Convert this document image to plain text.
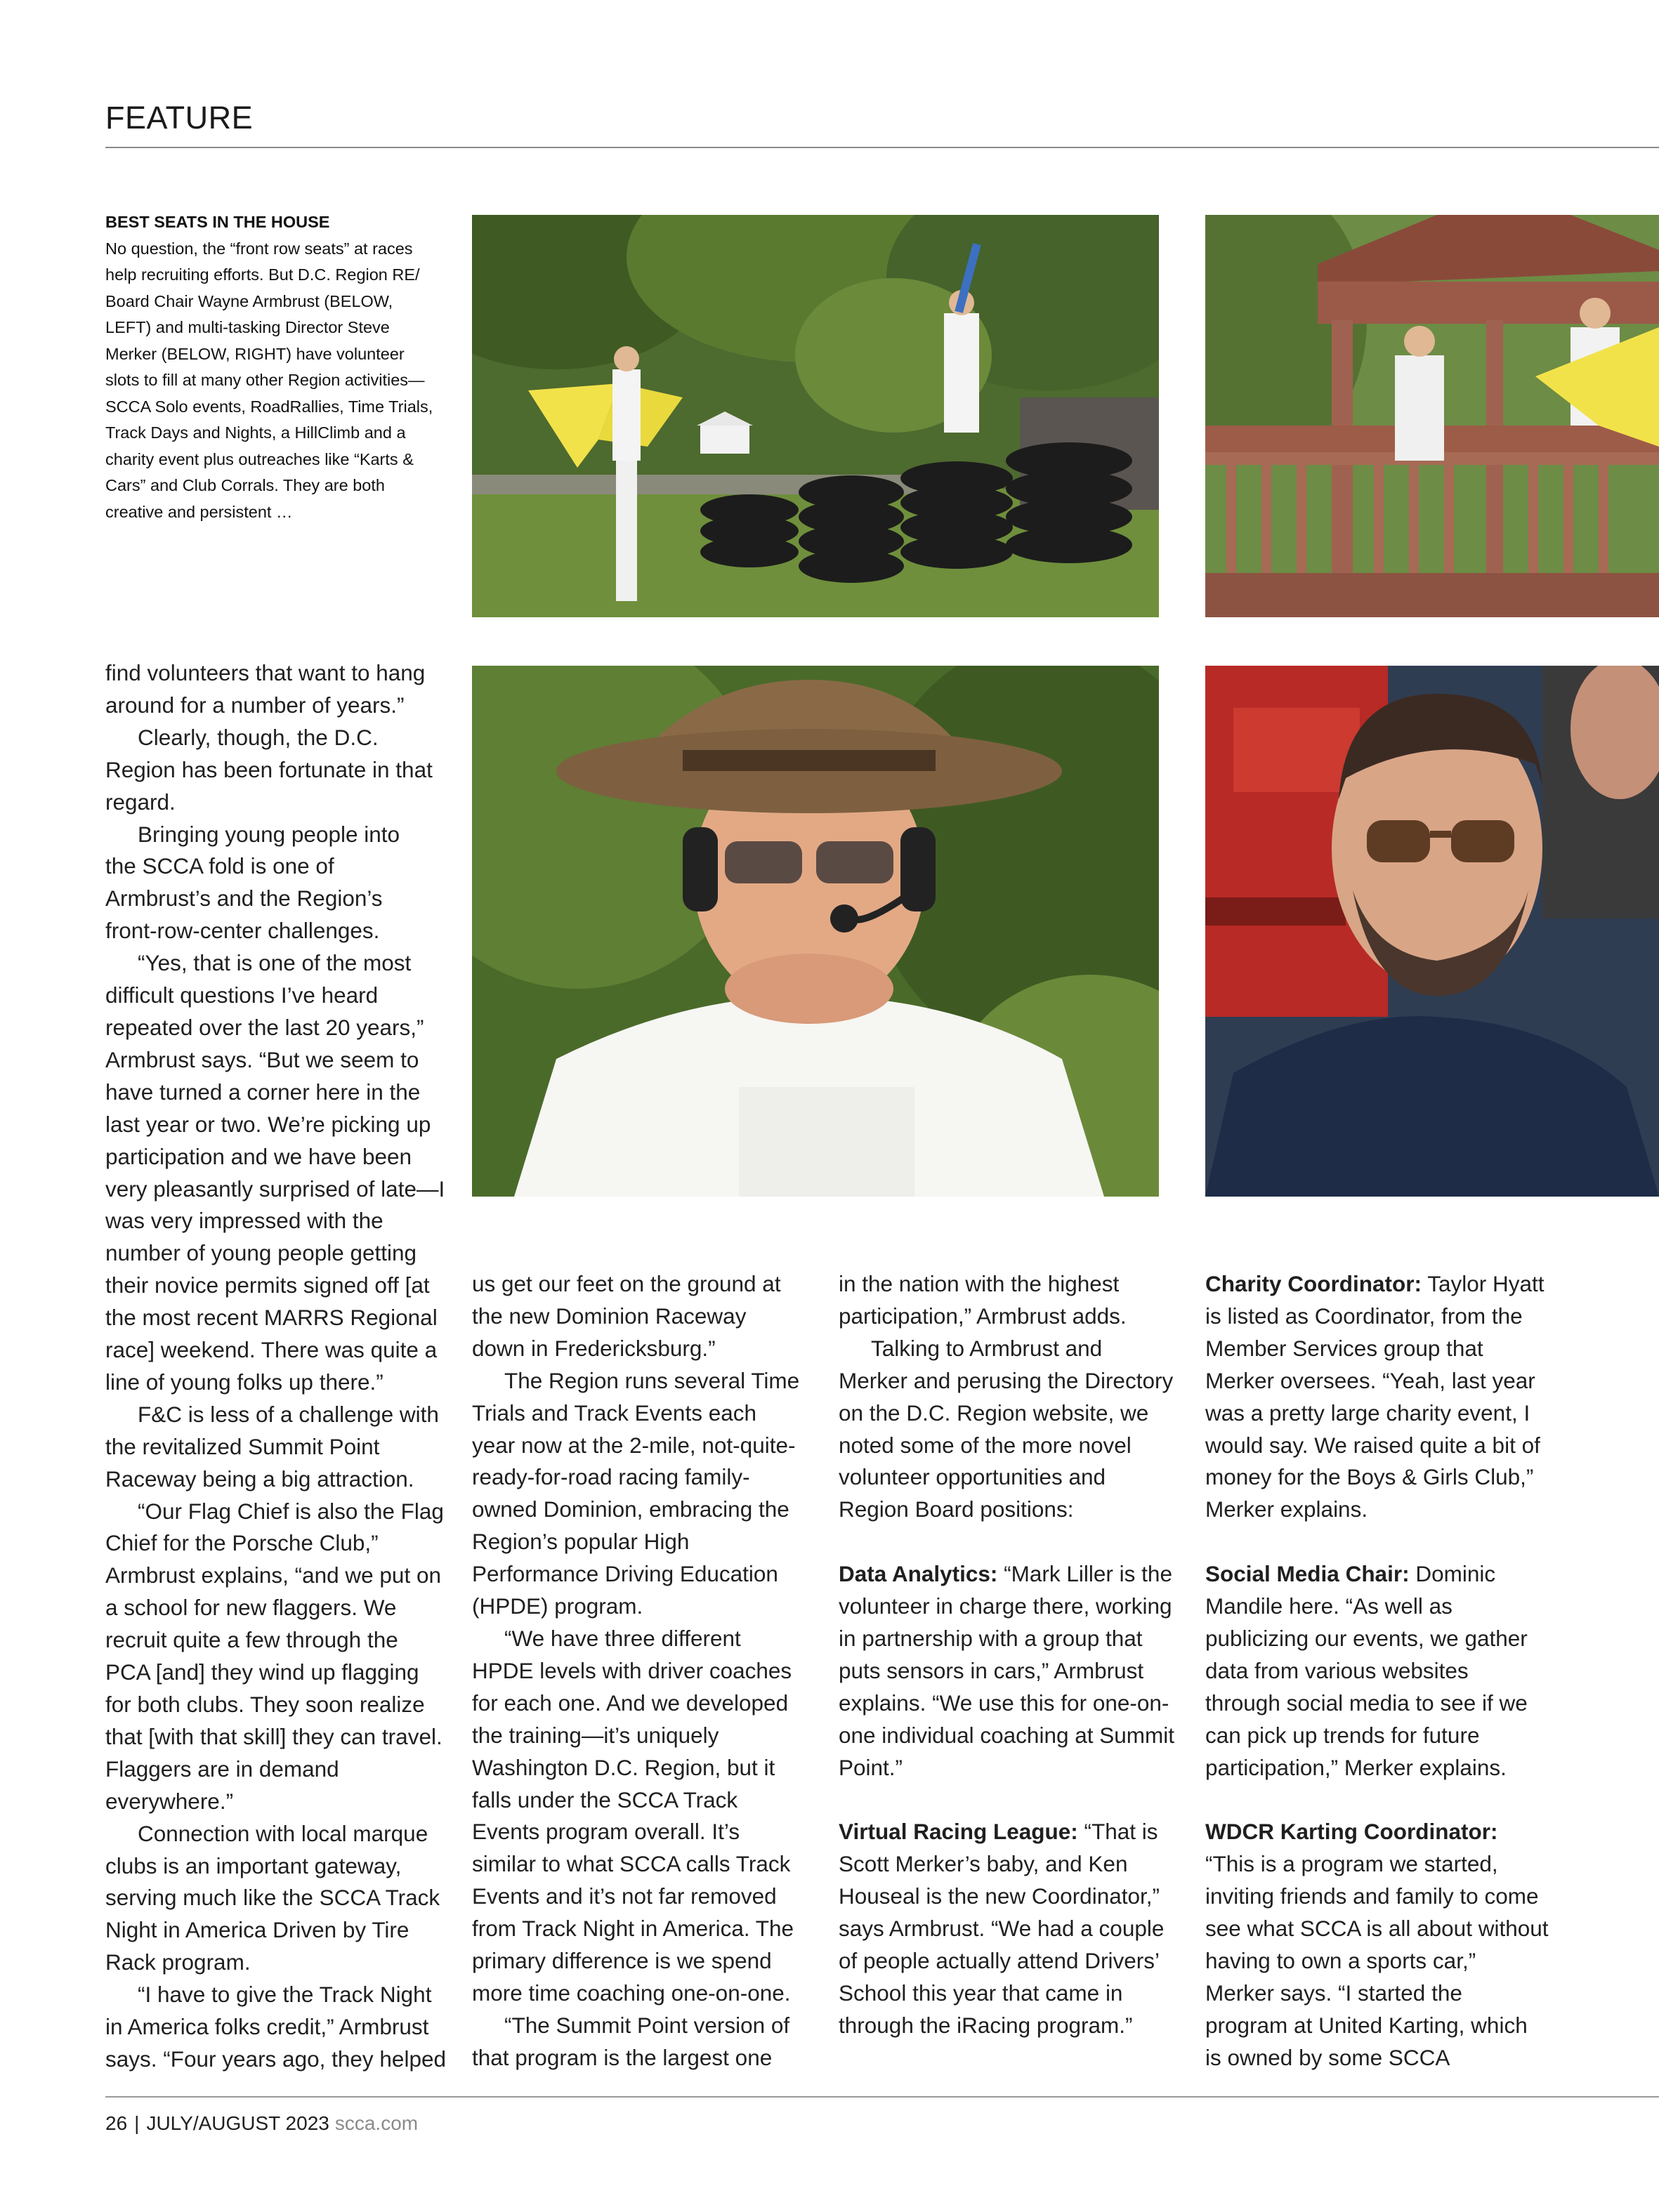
FEATURE
BEST SEATS IN THE HOUSE
No question, the “front row seats” at races help recruiting efforts. But D.C. Region RE/ Board Chair Wayne Armbrust (BELOW, LEFT) and multi-tasking Director Steve Merker (BELOW, RIGHT) have volunteer slots to fill at many other Region activities—SCCA Solo events, RoadRallies, Time Trials, Track Days and Nights, a HillClimb and a charity event plus outreaches like “Karts & Cars” and Club Corrals. They are both creative and persistent …

find volunteers that want to hang around for a number of years.”

Clearly, though, the D.C. Region has been fortunate in that regard.

Bringing young people into the SCCA fold is one of Armbrust’s and the Region’s front-row-center challenges.

“Yes, that is one of the most difficult questions I’ve heard repeated over the last 20 years,” Armbrust says. “But we seem to have turned a corner here in the last year or two. We’re picking up participation and we have been very pleasantly surprised of late—I was very impressed with the number of young people getting their novice permits signed off [at the most recent MARRS Regional race] weekend. There was quite a line of young folks up there.”

F&C is less of a challenge with the revitalized Summit Point Raceway being a big attraction.

“Our Flag Chief is also the Flag Chief for the Porsche Club,” Armbrust explains, “and we put on a school for new flaggers. We recruit quite a few through the PCA [and] they wind up flagging for both clubs. They soon realize that [with that skill] they can travel. Flaggers are in demand everywhere.”

Connection with local marque clubs is an important gateway, serving much like the SCCA Track Night in America Driven by Tire Rack program.

“I have to give the Track Night in America folks credit,” Armbrust says. “Four years ago, they helped

us get our feet on the ground at the new Dominion Raceway down in Fredericksburg.”

The Region runs several Time Trials and Track Events each year now at the 2-mile, not-quite-ready-for-road racing family-owned Dominion, embracing the Region’s popular High Performance Driving Education (HPDE) program.

“We have three different HPDE levels with driver coaches for each one. And we developed the training—it’s uniquely Washington D.C. Region, but it falls under the SCCA Track Events program overall. It’s similar to what SCCA calls Track Events and it’s not far removed from Track Night in America. The primary difference is we spend more time coaching one-on-one.

“The Summit Point version of that program is the largest one

in the nation with the highest participation,” Armbrust adds.

Talking to Armbrust and Merker and perusing the Directory on the D.C. Region website, we noted some of the more novel volunteer opportunities and Region Board positions:

Data Analytics: “Mark Liller is the volunteer in charge there, working in partnership with a group that puts sensors in cars,” Armbrust explains. “We use this for one-on-one individual coaching at Summit Point.”

Virtual Racing League: “That is Scott Merker’s baby, and Ken Houseal is the new Coordinator,” says Armbrust. “We had a couple of people actually attend Drivers’ School this year that came in through the iRacing program.”

Charity Coordinator: Taylor Hyatt is listed as Coordinator, from the Member Services group that Merker oversees. “Yeah, last year was a pretty large charity event, I would say. We raised quite a bit of money for the Boys & Girls Club,” Merker explains.

Social Media Chair: Dominic Mandile here. “As well as publicizing our events, we gather data from various websites through social media to see if we can pick up trends for future participation,” Merker explains.

WDCR Karting Coordinator:
“This is a program we started, inviting friends and family to come see what SCCA is all about without having to own a sports car,” Merker says. “I started the program at United Karting, which is owned by some SCCA

26 | JULY/AUGUST 2023 scca.com
